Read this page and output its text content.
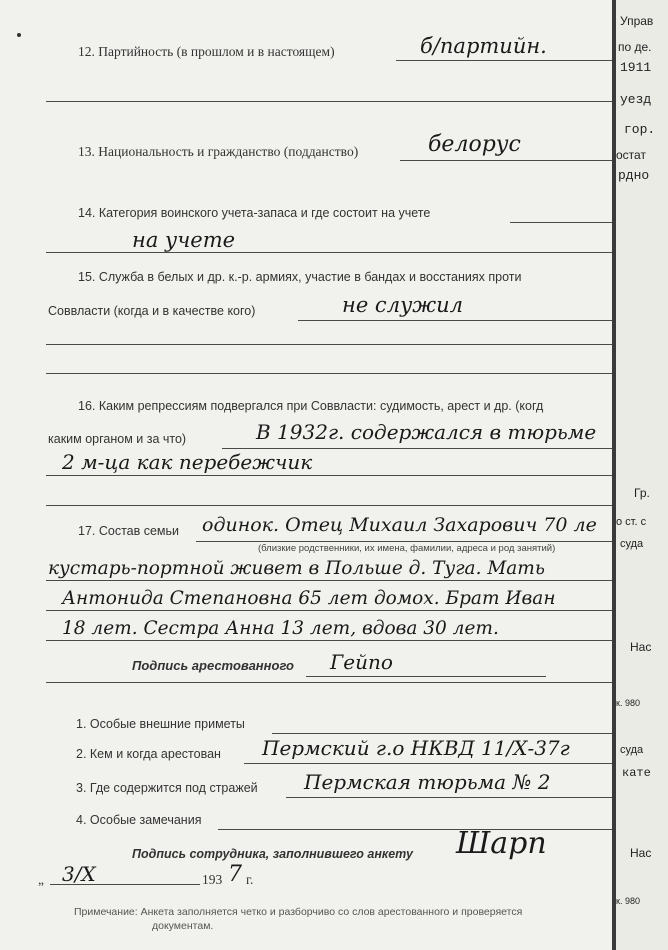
12. Партийность (в прошлом и в настоящем)	б/партийн.
13. Национальность и гражданство (подданство)	белорус
14. Категория воинского учета-запаса и где состоит на учете
на учете
15. Служба в белых и др. к.-р. армиях, участие в бандах и восстаниях проти
Соввласти (когда и в качестве кого)	не служил
16. Каким репрессиям подвергался при Соввласти: судимость, арест и др. (когд
каким органом и за что)	В 1932г. содержался в тюрьме
2 м-ца как перебежчик
17. Состав семьи одинок. Отец Михаил Захарович 70 ле
(близкие родственники, их имена, фамилии, адреса и род занятий)
кустарь-портной живет в Польше д. Туга. Мать
Антонида Степановна 65 лет домох. Брат Иван
18 лет. Сестра Анна 13 лет, вдова 30 лет.
Подпись арестованного Гейпо
1. Особые внешние приметы
2. Кем и когда арестован Пермский г.о НКВД 11/Х-37г
3. Где содержится под стражей Пермская тюрьма № 2
4. Особые замечания
Подпись сотрудника, заполнившего анкету Шарп
„ 3/Х	193 7 г.
Примечание: Анкета заполняется четко и разборчиво со слов арестованного и проверяется
документам.
Управ
по де.
1911
уезд
гор.
остат
рдно
Гр.
о ст. с
суда
Нас
к. 980
суда
кате
Нас
к. 980
